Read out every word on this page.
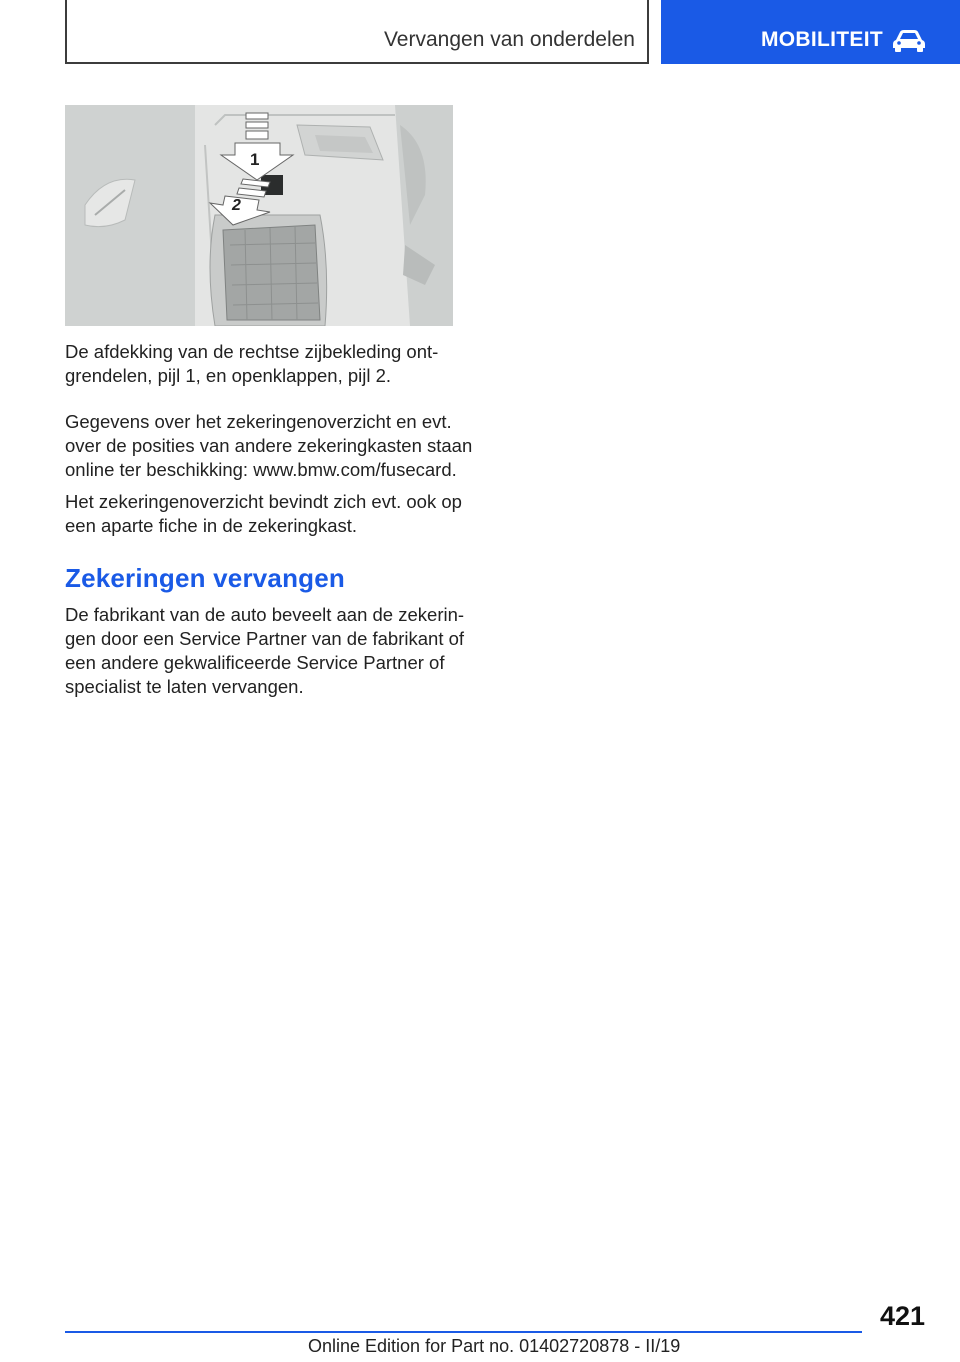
Vervangen van onderdelen	MOBILITEIT
1
2

De afdekking van de rechtse zijbekleding ont-
grendelen, pijl 1, en openklappen, pijl 2.

Gegevens over het zekeringenoverzicht en evt.
over de posities van andere zekeringkasten staan
online ter beschikking: www.bmw.com/fusecard.

Het zekeringenoverzicht bevindt zich evt. ook op
een aparte fiche in de zekeringkast.

Zekeringen vervangen

De fabrikant van de auto beveelt aan de zekerin-
gen door een Service Partner van de fabrikant of
een andere gekwalificeerde Service Partner of
specialist te laten vervangen.

421
Online Edition for Part no. 01402720878 - II/19
